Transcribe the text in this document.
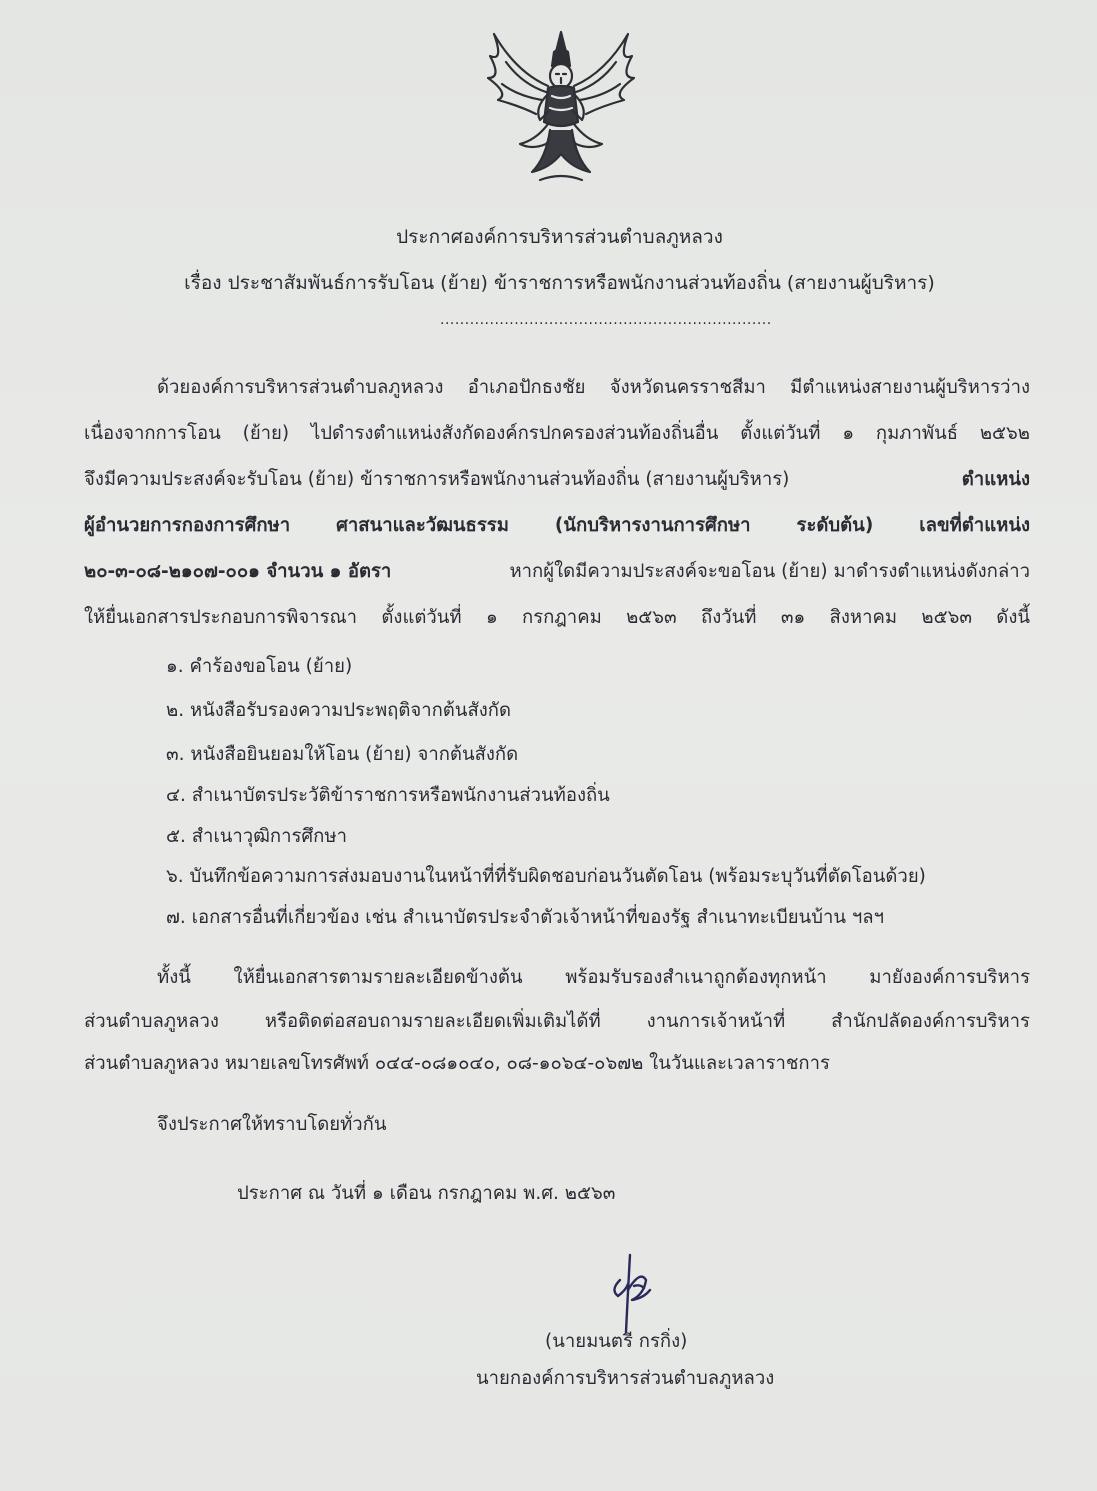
ประกาศองค์การบริหารส่วนตำบลภูหลวง
เรื่อง ประชาสัมพันธ์การรับโอน (ย้าย) ข้าราชการหรือพนักงานส่วนท้องถิ่น (สายงานผู้บริหาร)
...................................................................
ด้วยองค์การบริหารส่วนตำบลภูหลวง อำเภอปักธงชัย จังหวัดนครราชสีมา มีตำแหน่งสายงานผู้บริหารว่าง
เนื่องจากการโอน (ย้าย) ไปดำรงตำแหน่งสังกัดองค์กรปกครองส่วนท้องถิ่นอื่น ตั้งแต่วันที่ ๑ กุมภาพันธ์ ๒๕๖๒
จึงมีความประสงค์จะรับโอน (ย้าย) ข้าราชการหรือพนักงานส่วนท้องถิ่น (สายงานผู้บริหาร)	ตำแหน่ง
ผู้อำนวยการกองการศึกษา ศาสนาและวัฒนธรรม (นักบริหารงานการศึกษา ระดับต้น) เลขที่ตำแหน่ง
๒๐-๓-๐๘-๒๑๐๗-๐๐๑ จำนวน ๑ อัตรา	หากผู้ใดมีความประสงค์จะขอโอน (ย้าย) มาดำรงตำแหน่งดังกล่าว
ให้ยื่นเอกสารประกอบการพิจารณา ตั้งแต่วันที่ ๑ กรกฎาคม ๒๕๖๓ ถึงวันที่ ๓๑ สิงหาคม ๒๕๖๓ ดังนี้
๑. คำร้องขอโอน (ย้าย)
๒. หนังสือรับรองความประพฤติจากต้นสังกัด
๓. หนังสือยินยอมให้โอน (ย้าย) จากต้นสังกัด
๔. สำเนาบัตรประวัติข้าราชการหรือพนักงานส่วนท้องถิ่น
๕. สำเนาวุฒิการศึกษา
๖. บันทึกข้อความการส่งมอบงานในหน้าที่ที่รับผิดชอบก่อนวันตัดโอน (พร้อมระบุวันที่ตัดโอนด้วย)
๗. เอกสารอื่นที่เกี่ยวข้อง เช่น สำเนาบัตรประจำตัวเจ้าหน้าที่ของรัฐ สำเนาทะเบียนบ้าน ฯลฯ
ทั้งนี้ ให้ยื่นเอกสารตามรายละเอียดข้างต้น พร้อมรับรองสำเนาถูกต้องทุกหน้า มายังองค์การบริหาร
ส่วนตำบลภูหลวง หรือติดต่อสอบถามรายละเอียดเพิ่มเติมได้ที่ งานการเจ้าหน้าที่ สำนักปลัดองค์การบริหาร
ส่วนตำบลภูหลวง หมายเลขโทรศัพท์ ๐๔๔-๐๘๑๐๔๐, ๐๘-๑๐๖๔-๐๖๗๒ ในวันและเวลาราชการ
จึงประกาศให้ทราบโดยทั่วกัน
ประกาศ ณ วันที่ ๑ เดือน กรกฎาคม พ.ศ. ๒๕๖๓
(นายมนตรี กรกิ่ง)
นายกองค์การบริหารส่วนตำบลภูหลวง
